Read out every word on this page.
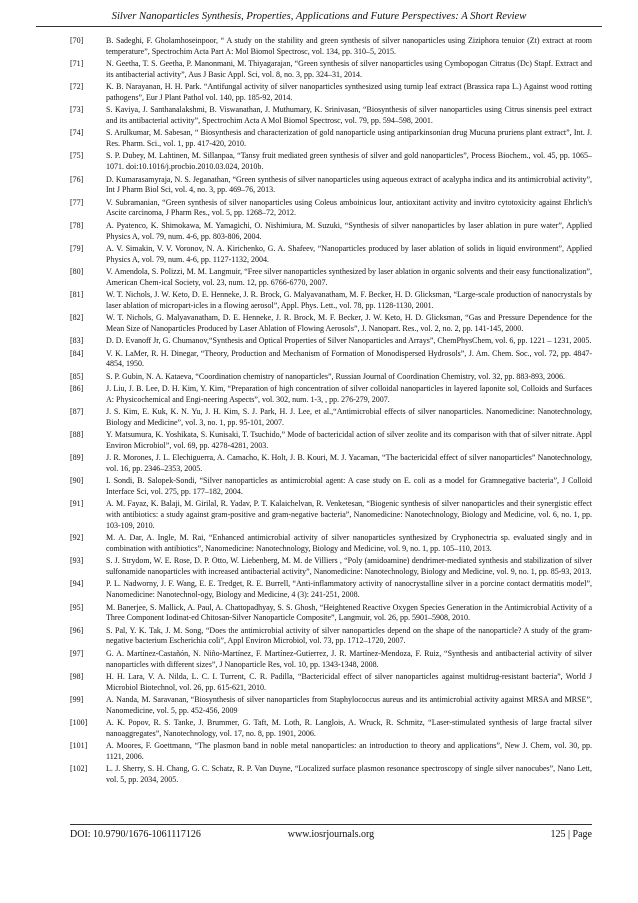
Silver Nanoparticles Synthesis, Properties, Applications and Future Perspectives: A Short Review
[70]	B. Sadeghi, F. Gholamhoseinpoor, “ A study on the stability and green synthesis of silver nanoparticles using Ziziphora tenuior (Zt) extract at room temperature”, Spectrochim Acta Part A: Mol Biomol Spectrosc, vol. 134, pp. 310–5, 2015.
[71]	N. Geetha, T. S. Geetha, P. Manonmani, M. Thiyagarajan, “Green synthesis of silver nanoparticles using Cymbopogan Citratus (Dc) Stapf. Extract and its antibacterial activity”, Aus J Basic Appl. Sci, vol. 8, no. 3, pp. 324–31, 2014.
[72]	K. B. Narayanan, H. H. Park. “Antifungal activity of silver nanoparticles synthesized using turnip leaf extract (Brassica rapa L.) Against wood rotting pathogens”, Eur J Plant Pathol vol. 140, pp. 185-92, 2014.
[73]	S. Kaviya, J. Santhanalakshmi, B. Viswanathan, J. Muthumary, K. Srinivasan, “Biosynthesis of silver nanoparticles using Citrus sinensis peel extract and its antibacterial activity”, Spectrochim Acta A Mol Biomol Spectrosc, vol. 79, pp. 594–598, 2001.
[74]	S. Arulkumar, M. Sabesan, “ Biosynthesis and characterization of gold nanoparticle using antiparkinsonian drug Mucuna pruriens plant extract”, Int. J. Res. Pharm. Sci., vol. 1, pp. 417-420, 2010.
[75]	S. P. Dubey, M. Lahtinen, M. Sillanpaa, “Tansy fruit mediated green synthesis of silver and gold nanoparticles”, Process Biochem., vol. 45, pp. 1065–1071. doi:10.1016/j.procbio.2010.03.024, 2010b.
[76]	D. Kumarasamyraja, N. S. Jeganathan, “Green synthesis of silver nanoparticles using aqueous extract of acalypha indica and its antimicrobial activity”, Int J Pharm Biol Sci, vol. 4, no. 3, pp. 469–76, 2013.
[77]	V. Subramanian, “Green synthesis of silver nanoparticles using Coleus amboinicus lour, antioxitant activity and invitro cytotoxicity against Ehrlich's Ascite carcinoma, J Pharm Res., vol. 5, pp. 1268–72, 2012.
[78]	A. Pyatenco, K. Shimokawa, M. Yamagichi, O. Nishimiura, M. Suzuki, “Synthesis of silver nanoparticles by laser ablation in pure water”, Applied Physics A, vol. 79, num. 4-6, pp. 803-806, 2004.
[79]	A. V. Simakin, V. V. Voronov, N. A. Kirichenko, G. A. Shafeev, “Nanoparticles produced by laser ablation of solids in liquid environment”, Applied Physics A, vol. 79, num. 4-6, pp. 1127-1132, 2004.
[80]	V. Amendola, S. Polizzi, M. M. Langmuir, “Free silver nanoparticles synthesized by laser ablation in organic solvents and their easy functionalization”, American Chem-ical Society, vol. 23, num. 12, pp. 6766-6770, 2007.
[81]	W. T. Nichols, J. W. Keto, D. E. Henneke, J. R. Brock, G. Malyavanatham, M. F. Becker, H. D. Glicksman, “Large-scale production of nanocrystals by laser ablation of micropart-icles in a flowing aerosol”, Appl. Phys. Lett., vol. 78, pp. 1128-1130, 2001.
[82]	W. T. Nichols, G. Malyavanatham, D. E. Henneke, J. R. Brock, M. F. Becker, J. W. Keto, H. D. Glicksman, “Gas and Pressure Dependence for the Mean Size of Nanoparticles Produced by Laser Ablation of Flowing Aerosols”, J. Nanopart. Res., vol. 2, no. 2, pp. 141-145, 2000.
[83]	D. D. Evanoff Jr, G. Chumanov,“Synthesis and Optical Properties of Silver Nanoparticles and Arrays”, ChemPhysChem, vol. 6, pp. 1221 – 1231, 2005.
[84]	V. K. LaMer, R. H. Dinegar, “Theory, Production and Mechanism of Formation of Monodispersed Hydrosols”, J. Am. Chem. Soc., vol. 72, pp. 4847-4854, 1950.
[85]	S. P. Gubin, N. A. Kataeva, “Coordination chemistry of nanoparticles”, Russian Journal of Coordination Chemistry, vol. 32, pp. 883-893, 2006.
[86]	J. Liu, J. B. Lee, D. H. Kim, Y. Kim, “Preparation of high concentration of silver colloidal nanoparticles in layered laponite sol, Colloids and Surfaces A: Physicochemical and Engi-neering Aspects”, vol. 302, num. 1-3, , pp. 276-279, 2007.
[87]	J. S. Kim, E. Kuk, K. N. Yu, J. H. Kim, S. J. Park, H. J. Lee, et al.,“Antimicrobial effects of silver nanoparticles. Nanomedicine: Nanotechnology, Biology and Medicine”, vol. 3, no. 1, pp. 95-101, 2007.
[88]	Y. Matsumura, K. Yoshikata, S. Kunisaki, T. Tsuchido,” Mode of bactericidal action of silver zeolite and its comparison with that of silver nitrate. Appl Environ Microbiol”, vol. 69, pp. 4278-4281, 2003.
[89]	J. R. Morones, J. L. Elechiguerra, A. Camacho, K. Holt, J. B. Kouri, M. J. Yacaman, “The bactericidal effect of silver nanoparticles” Nanotechnology, vol. 16, pp. 2346–2353, 2005.
[90]	I. Sondi, B. Salopek-Sondi, “Silver nanoparticles as antimicrobial agent: A case study on E. coli as a model for Gramnegative bacteria”, J Colloid Interface Sci, vol. 275, pp. 177–182, 2004.
[91]	A. M. Fayaz, K. Balaji, M. Girilal, R. Yadav, P. T. Kalaichelvan, R. Venketesan, “Biogenic synthesis of silver nanoparticles and their synergistic effect with antibiotics: a study against gram-positive and gram-negative bacteria”, Nanomedicine: Nanotechnology, Biology and Medicine, vol. 6, no. 1, pp. 103-109, 2010.
[92]	M. A. Dar, A. Ingle, M. Rai, “Enhanced antimicrobial activity of silver nanoparticles synthesized by Cryphonectria sp. evaluated singly and in combination with antibiotics”, Nanomedicine: Nanotechnology, Biology and Medicine, vol. 9, no. 1, pp. 105–110, 2013.
[93]	S. J. Strydom, W. E. Rose, D. P. Otto, W. Liebenberg, M. M. de Villiers , “Poly (amidoamine) dendrimer-mediated synthesis and stabilization of silver sulfonamide nanoparticles with increased antibacterial activity”, Nanomedicine: Nanotechnology, Biology and Medicine, vol. 9, no. 1, pp. 85-93, 2013.
[94]	P. L. Nadworny, J. F. Wang, E. E. Tredget, R. E. Burrell, “Anti-inflammatory activity of nanocrystalline silver in a porcine contact dermatitis model”, Nanomedicine: Nanotechnol-ogy, Biology and Medicine, 4 (3): 241-251, 2008.
[95]	M. Banerjee, S. Mallick, A. Paul, A. Chattopadhyay, S. S. Ghosh, “Heightened Reactive Oxygen Species Generation in the Antimicrobial Activity of a Three Component Iodinat-ed Chitosan-Silver Nanoparticle Composite”, Langmuir, vol. 26, pp. 5901–5908, 2010.
[96]	S. Pal, Y. K. Tak, J. M. Song, “Does the antimicrobial activity of silver nanoparticles depend on the shape of the nanoparticle? A study of the gram-negative bacterium Escherichia coli”, Appl Environ Microbiol, vol. 73, pp. 1712–1720, 2007.
[97]	G. A. Martínez-Castañón, N. Niño-Martínez, F. Martínez-Gutierrez, J. R. Martínez-Mendoza, F. Ruiz, “Synthesis and antibacterial activity of silver nanoparticles with different sizes”, J Nanoparticle Res, vol. 10, pp. 1343-1348, 2008.
[98]	H. H. Lara, V. A. Nilda, L. C. I. Turrent, C. R. Padilla, “Bactericidal effect of silver nanoparticles against multidrug-resistant bacteria”, World J Microbiol Biotechnol, vol. 26, pp. 615-621, 2010.
[99]	A. Nanda, M. Saravanan, “Biosynthesis of silver nanoparticles from Staphylococcus aureus and its antimicrobial activity against MRSA and MRSE”, Nanomedicine, vol. 5, pp. 452-456, 2009
[100] A. K. Popov, R. S. Tanke, J. Brummer, G. Taft, M. Loth, R. Langlois, A. Wruck, R. Schmitz, “Laser-stimulated synthesis of large fractal silver nanoaggregates”, Nanotechnology, vol. 17, no. 8, pp. 1901, 2006.
[101] A. Moores, F. Goettmann, “The plasmon band in noble metal nanoparticles: an introduction to theory and applications”, New J. Chem, vol. 30, pp. 1121, 2006.
[102] L. J. Sherry, S. H. Chang, G. C. Schatz, R. P. Van Duyne, “Localized surface plasmon resonance spectroscopy of single silver nanocubes”, Nano Lett, vol. 5, pp. 2034, 2005.
DOI: 10.9790/1676-1061117126	www.iosrjournals.org	125 | Page
